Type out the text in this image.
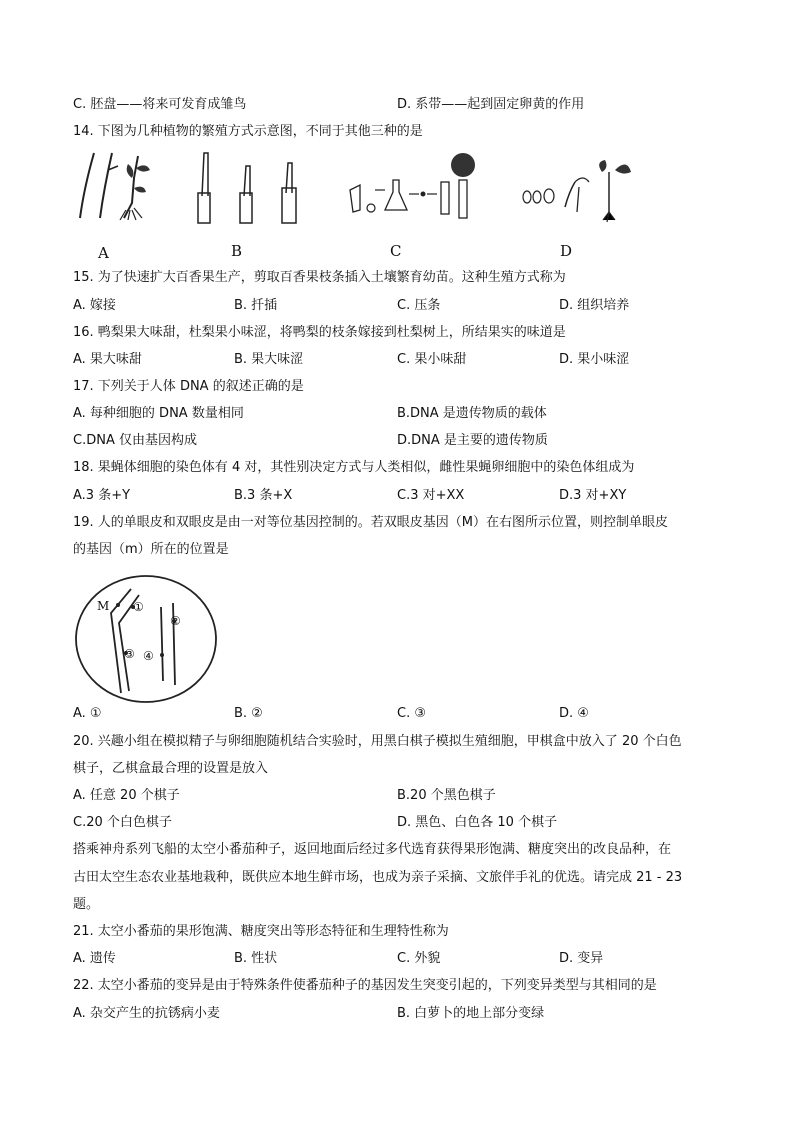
C. 胚盘——将来可发育成雏鸟	D. 系带——起到固定卵黄的作用
14. 下图为几种植物的繁殖方式示意图，不同于其他三种的是
A	B	C	D
15. 为了快速扩大百香果生产，剪取百香果枝条插入土壤繁育幼苗。这种生殖方式称为
A. 嫁接	B. 扦插	C. 压条	D. 组织培养
16. 鸭梨果大味甜，杜梨果小味涩，将鸭梨的枝条嫁接到杜梨树上，所结果实的味道是
A. 果大味甜	B. 果大味涩	C. 果小味甜	D. 果小味涩
17. 下列关于人体 DNA 的叙述正确的是
A. 每种细胞的 DNA 数量相同	B.DNA 是遗传物质的载体
C.DNA 仅由基因构成	D.DNA 是主要的遗传物质
18. 果蝇体细胞的染色体有 4 对，其性别决定方式与人类相似，雌性果蝇卵细胞中的染色体组成为
A.3 条+Y	B.3 条+X	C.3 对+XX	D.3 对+XY
19. 人的单眼皮和双眼皮是由一对等位基因控制的。若双眼皮基因（M）在右图所示位置，则控制单眼皮
的基因（m）所在的位置是
M ①
②
③ ④
A. ①	B. ②	C. ③	D. ④
20. 兴趣小组在模拟精子与卵细胞随机结合实验时，用黑白棋子模拟生殖细胞，甲棋盒中放入了 20 个白色
棋子，乙棋盒最合理的设置是放入
A. 任意 20 个棋子	B.20 个黑色棋子
C.20 个白色棋子	D. 黑色、白色各 10 个棋子
搭乘神舟系列飞船的太空小番茄种子，返回地面后经过多代选育获得果形饱满、糖度突出的改良品种，在
古田太空生态农业基地栽种，既供应本地生鲜市场，也成为亲子采摘、文旅伴手礼的优选。请完成 21 - 23
题。
21. 太空小番茄的果形饱满、糖度突出等形态特征和生理特性称为
A. 遗传	B. 性状	C. 外貌	D. 变异
22. 太空小番茄的变异是由于特殊条件使番茄种子的基因发生突变引起的，下列变异类型与其相同的是
A. 杂交产生的抗锈病小麦	B. 白萝卜的地上部分变绿
